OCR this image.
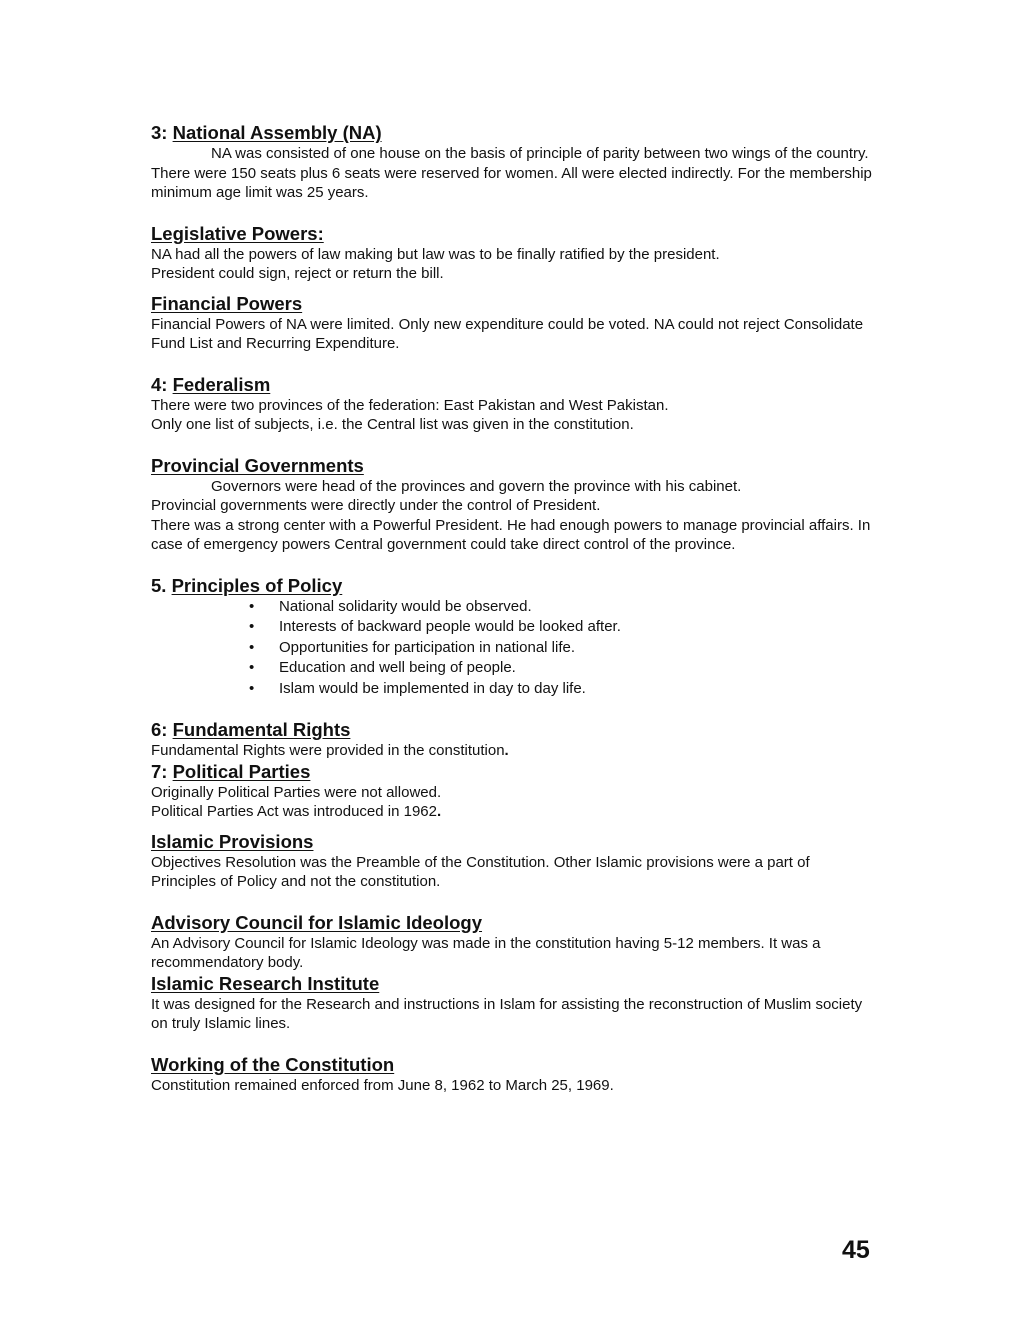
3: National Assembly (NA)

NA was consisted of one house on the basis of principle of parity between two wings of the country. There were 150 seats plus 6 seats were reserved for women. All were elected indirectly. For the membership minimum age limit was 25 years.

Legislative Powers:

NA had all the powers of law making but law was to be finally ratified by the president.

President could sign, reject or return the bill.

Financial Powers

Financial Powers of NA were limited. Only new expenditure could be voted. NA could not reject Consolidate Fund List and Recurring Expenditure.

4: Federalism

There were two provinces of the federation: East Pakistan and West Pakistan.

Only one list of subjects, i.e. the Central list was given in the constitution.

Provincial Governments

Governors were head of the provinces and govern the province with his cabinet.

Provincial governments were directly under the control of President.

There was a strong center with a Powerful President. He had enough powers to manage provincial affairs. In case of emergency powers Central government could take direct control of the province.

5. Principles of Policy

• National solidarity would be observed.
• Interests of backward people would be looked after.
• Opportunities for participation in national life.
• Education and well being of people.
• Islam would be implemented in day to day life.

6: Fundamental Rights

Fundamental Rights were provided in the constitution.

7: Political Parties

Originally Political Parties were not allowed.

Political Parties Act was introduced in 1962.

Islamic Provisions

Objectives Resolution was the Preamble of the Constitution. Other Islamic provisions were a part of Principles of Policy and not the constitution.

Advisory Council for Islamic Ideology

An Advisory Council for Islamic Ideology was made in the constitution having 5-12 members. It was a recommendatory body.

Islamic Research Institute

It was designed for the Research and instructions in Islam for assisting the reconstruction of Muslim society on truly Islamic lines.

Working of the Constitution

Constitution remained enforced from June 8, 1962 to March 25, 1969.

45
